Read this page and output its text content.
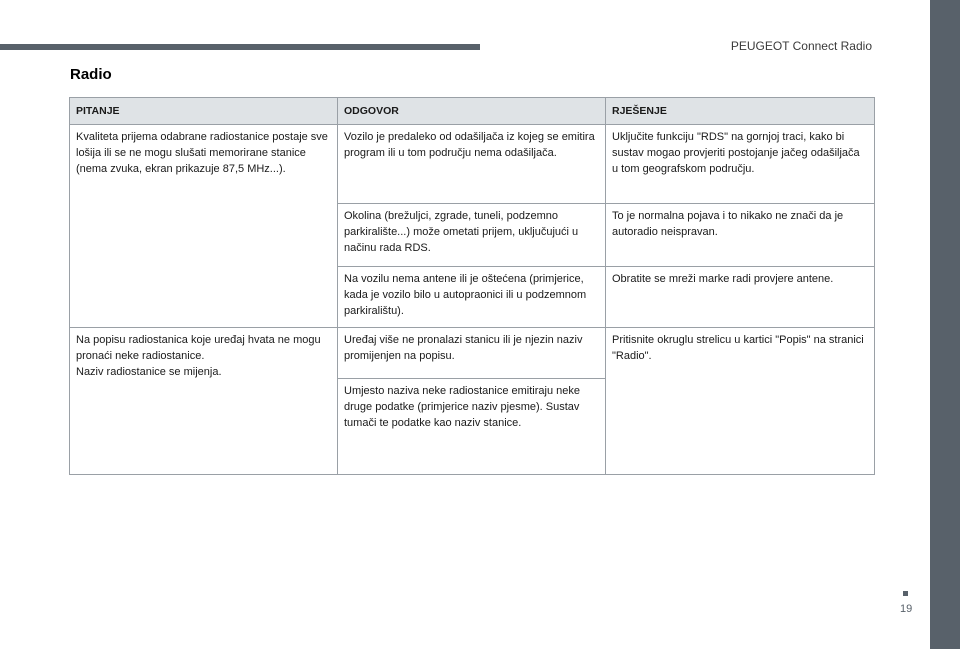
PEUGEOT Connect Radio
Radio
PITANJE	ODGOVOR	RJEŠENJE
Kvaliteta prijema odabrane radiostanice postaje sve lošija ili se ne mogu slušati memorirane stanice (nema zvuka, ekran prikazuje 87,5 MHz...).	Vozilo je predaleko od odašiljača iz kojeg se emitira program ili u tom području nema odašiljača.	Uključite funkciju "RDS" na gornjoj traci, kako bi sustav mogao provjeriti postojanje jačeg odašiljača u tom geografskom području.
	Okolina (brežuljci, zgrade, tuneli, podzemno parkiralište...) može ometati prijem, uključujući u načinu rada RDS.	To je normalna pojava i to nikako ne znači da je autoradio neispravan.
	Na vozilu nema antene ili je oštećena (primjerice, kada je vozilo bilo u autopraonici ili u podzemnom parkiralištu).	Obratite se mreži marke radi provjere antene.
Na popisu radiostanica koje uređaj hvata ne mogu pronaći neke radiostanice.
Naziv radiostanice se mijenja.	Uređaj više ne pronalazi stanicu ili je njezin naziv promijenjen na popisu.	Pritisnite okruglu strelicu u kartici "Popis" na stranici "Radio".
	Umjesto naziva neke radiostanice emitiraju neke druge podatke (primjerice naziv pjesme). Sustav tumači te podatke kao naziv stanice.	
19
